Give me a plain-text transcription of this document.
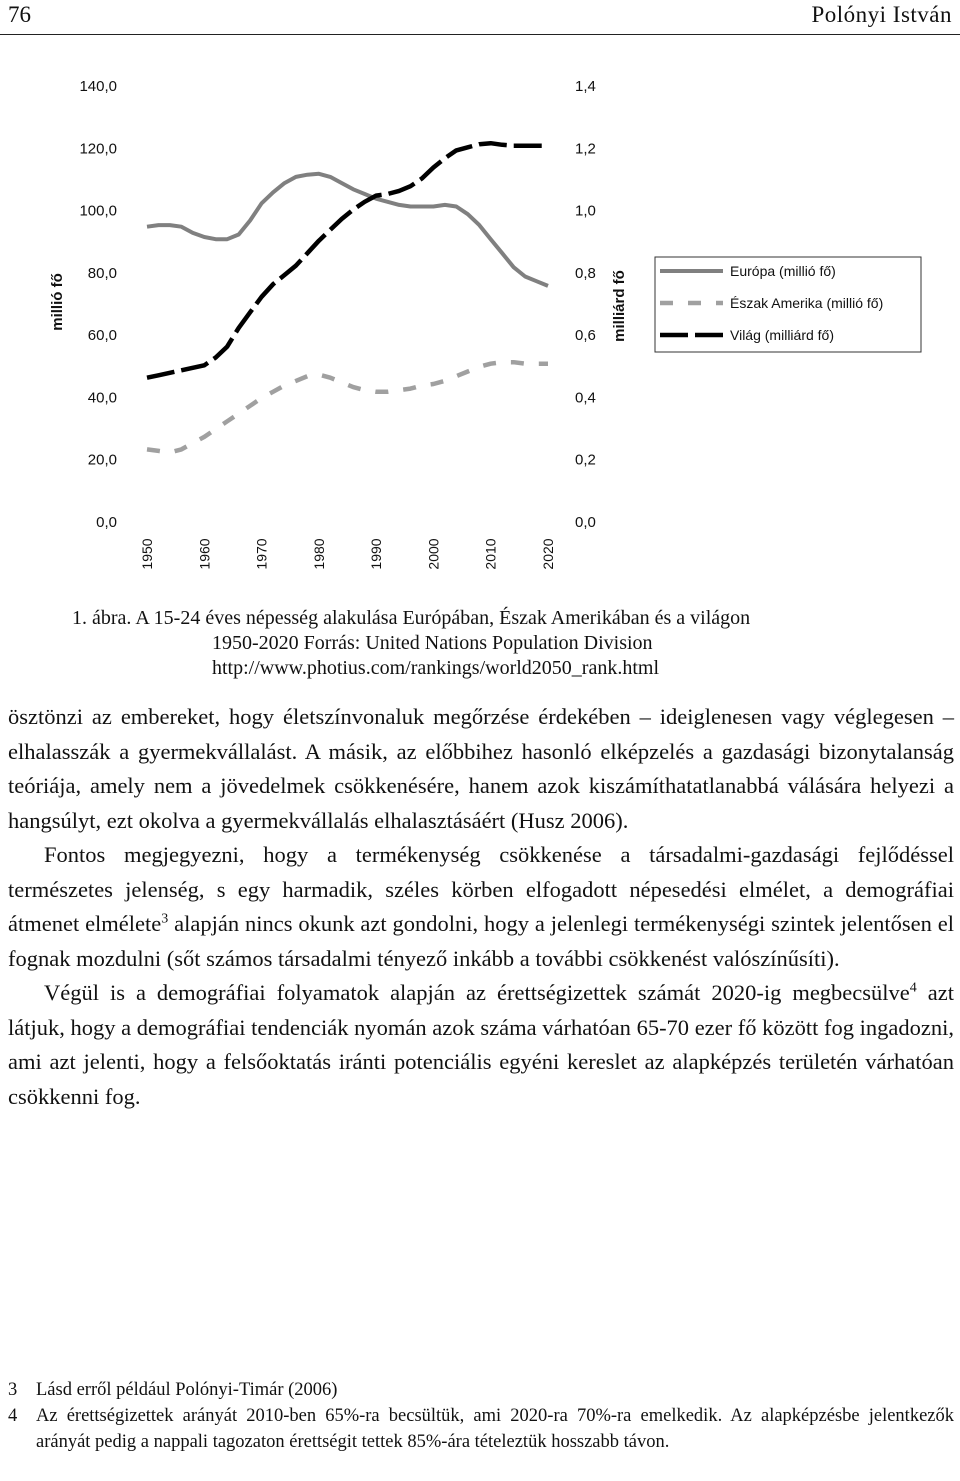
76	Polónyi István
140,0
120,0
100,0
80,0
60,0
40,0
20,0
0,0
1,4
1,2
1,0
0,8
0,6
0,4
0,2
0,0
1950	1960	1970	1980	1990	2000	2010	2020
millió fő	milliárd fő	Európa (millió fő)
Észak Amerika (millió fő)
Világ (milliárd fő)
1. ábra. A 15-24 éves népesség alakulása Európában, Észak Amerikában és a világon
1950-2020 Forrás: United Nations Population Division
http://www.photius.com/rankings/world2050_rank.html

ösztönzi az embereket, hogy életszínvonaluk megőrzése érdekében – ideiglenesen vagy véglegesen – elhalasszák a gyermekvállalást. A másik, az előbbihez hasonló elképzelés a gazdasági bizonytalanság teóriája, amely nem a jövedelmek csökkenésére, hanem azok kiszámíthatatlanabbá válására helyezi a hangsúlyt, ezt okolva a gyermekvállalás elhalasztásáért (Husz 2006).

Fontos megjegyezni, hogy a termékenység csökkenése a társadalmi-gazdasági fejlődéssel természetes jelenség, s egy harmadik, széles körben elfogadott népesedési elmélet, a demográfiai átmenet elmélete$^3$ alapján nincs okunk azt gondolni, hogy a jelenlegi termékenységi szintek jelentősen el fognak mozdulni (sőt számos társadalmi tényező inkább a további csökkenést valószínűsíti).

Végül is a demográfiai folyamatok alapján az érettségizettek számát 2020-ig megbecsülve$^4$ azt látjuk, hogy a demográfiai tendenciák nyomán azok száma várhatóan 65-70 ezer fő között fog ingadozni, ami azt jelenti, hogy a felsőoktatás iránti potenciális egyéni kereslet az alapképzés területén várhatóan csökkenni fog.

3	Lásd erről például Polónyi-Timár (2006)
4	Az érettségizettek arányát 2010-ben 65%-ra becsültük, ami 2020-ra 70%-ra emelkedik. Az alapképzésbe jelentkezők arányát pedig a nappali tagozaton érettségit tettek 85%-ára tételeztük hosszabb távon.
